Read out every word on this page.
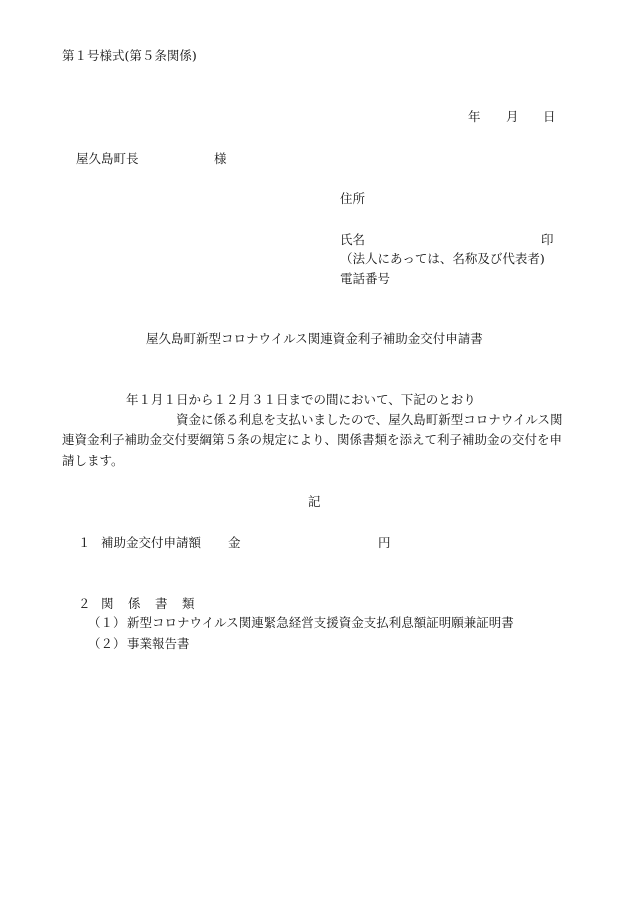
第１号様式(第５条関係)
年 月 日
屋久島町長	様
住所
氏名	印
（法人にあっては、名称及び代表者)
電話番号
屋久島町新型コロナウイルス関連資金利子補助金交付申請書
年１月１日から１２月３１日までの間において、下記のとおり
資金に係る利息を支払いましたので、屋久島町新型コロナウイルス関
連資金利子補助金交付要綱第５条の規定により、関係書類を添えて利子補助金の交付を申
請します。
記
１ 補助金交付申請額 金	円
２ 関　係　書　類
（１） 新型コロナウイルス関連緊急経営支援資金支払利息額証明願兼証明書
（２） 事業報告書
